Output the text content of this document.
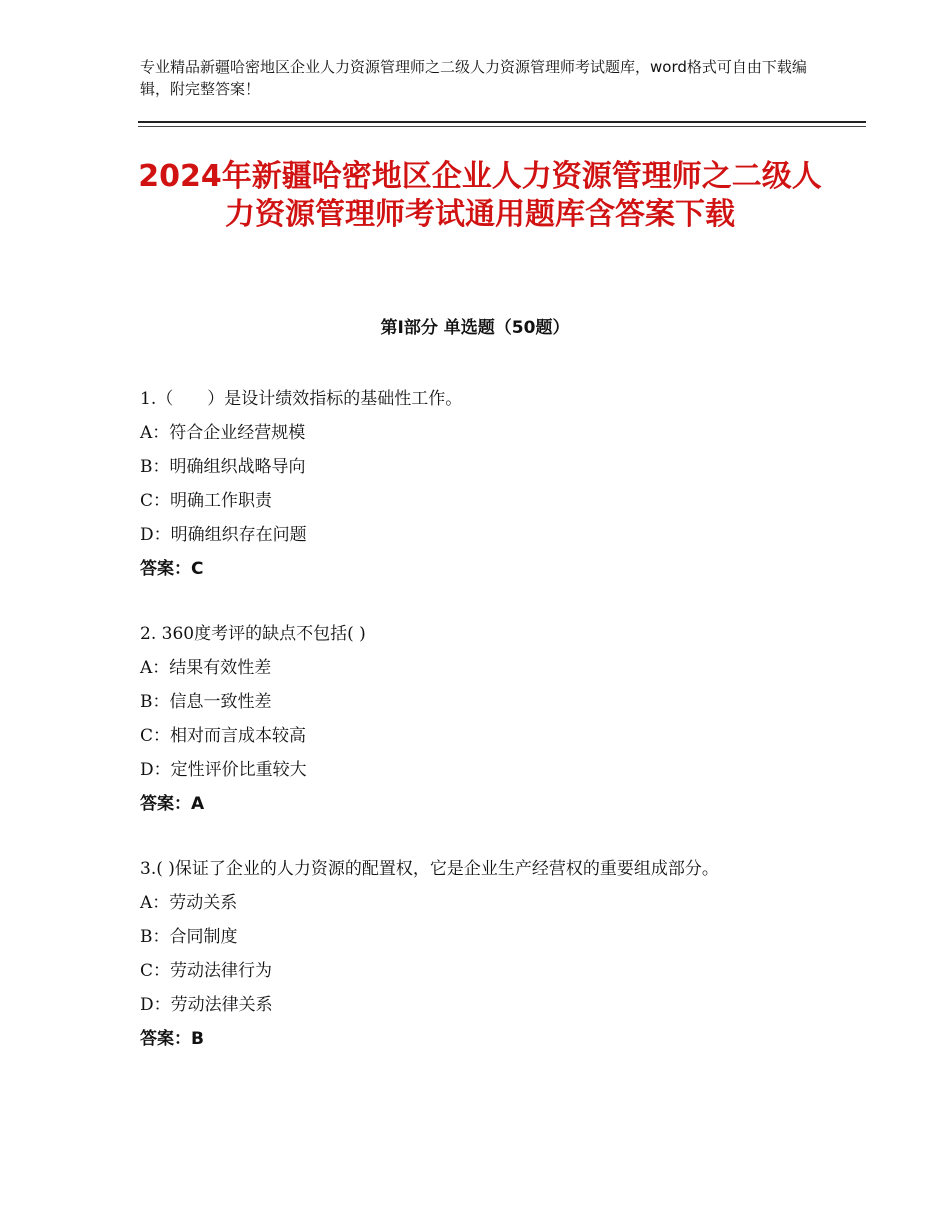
专业精品新疆哈密地区企业人力资源管理师之二级人力资源管理师考试题库，word格式可自由下载编辑，附完整答案！
2024年新疆哈密地区企业人力资源管理师之二级人力资源管理师考试通用题库含答案下载
第Ⅰ部分 单选题（50题）
1.（　　）是设计绩效指标的基础性工作。
A：符合企业经营规模
B：明确组织战略导向
C：明确工作职责
D：明确组织存在问题
答案：C
2. 360度考评的缺点不包括( )
A：结果有效性差
B：信息一致性差
C：相对而言成本较高
D：定性评价比重较大
答案：A
3.( )保证了企业的人力资源的配置权，它是企业生产经营权的重要组成部分。
A：劳动关系
B：合同制度
C：劳动法律行为
D：劳动法律关系
答案：B
